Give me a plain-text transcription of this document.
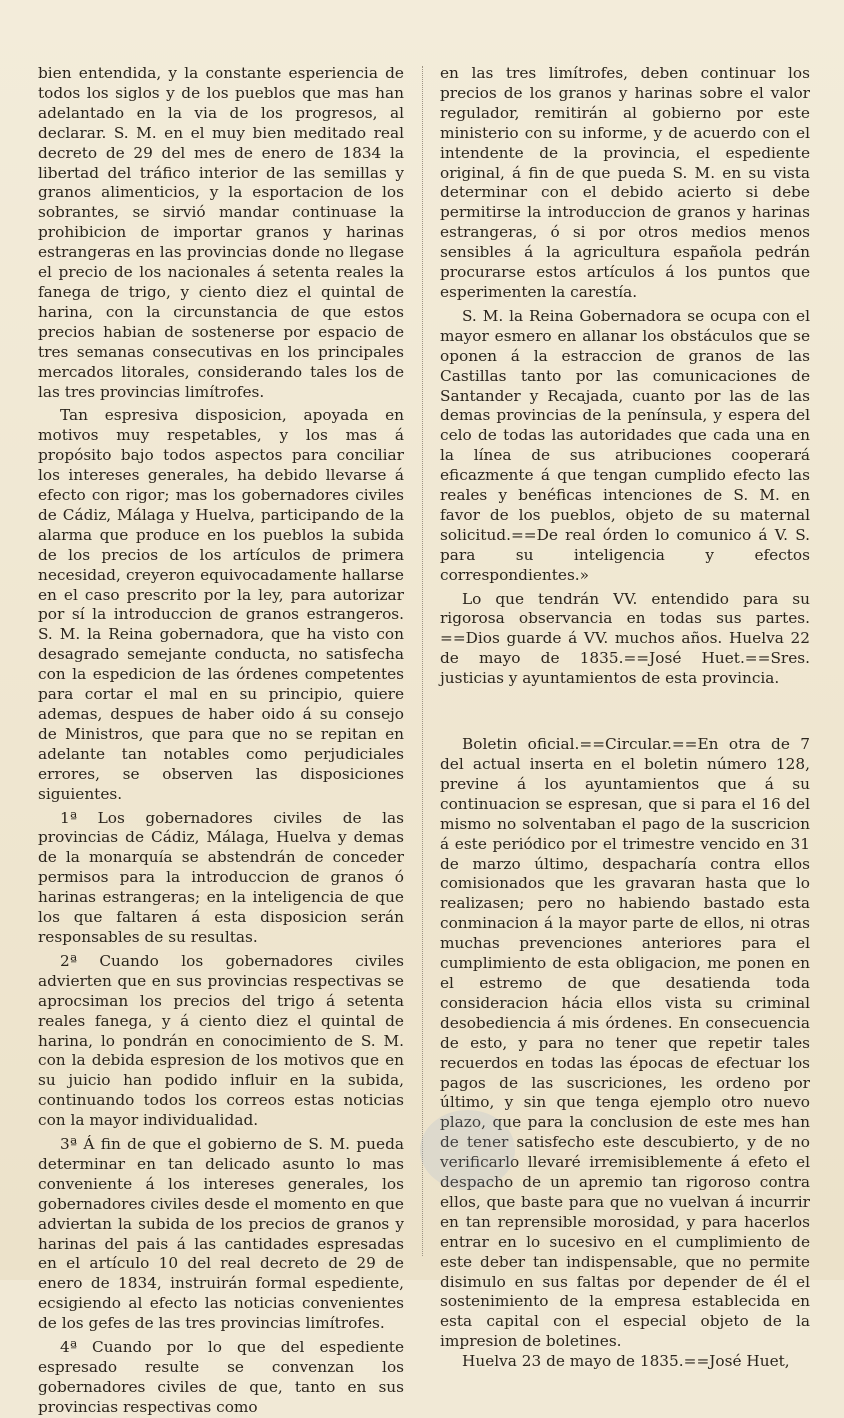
bien entendida, y la constante esperiencia de todos los siglos y de los pueblos que mas han adelantado en la via de los progresos, al declarar. S. M. en el muy bien meditado real decreto de 29 del mes de enero de 1834 la libertad del tráfico interior de las semillas y granos alimenticios, y la esportacion de los sobrantes, se sirvió mandar continuase la prohibicion de importar granos y harinas estrangeras en las provincias donde no llegase el precio de los nacionales á setenta reales la fanega de trigo, y ciento diez el quintal de harina, con la circunstancia de que estos precios habian de sostenerse por espacio de tres semanas consecutivas en los principales mercados litorales, considerando tales los de las tres provincias limítrofes.

Tan espresiva disposicion, apoyada en motivos muy respetables, y los mas á propósito bajo todos aspectos para conciliar los intereses generales, ha debido llevarse á efecto con rigor; mas los gobernadores civiles de Cádiz, Málaga y Huelva, participando de la alarma que produce en los pueblos la subida de los precios de los artículos de primera necesidad, creyeron equivocadamente hallarse en el caso prescrito por la ley, para autorizar por sí la introduccion de granos estrangeros. S. M. la Reina gobernadora, que ha visto con desagrado semejante conducta, no satisfecha con la espedicion de las órdenes competentes para cortar el mal en su principio, quiere ademas, despues de haber oido á su consejo de Ministros, que para que no se repitan en adelante tan notables como perjudiciales errores, se observen las disposiciones siguientes.

1ª Los gobernadores civiles de las provincias de Cádiz, Málaga, Huelva y demas de la monarquía se abstendrán de conceder permisos para la introduccion de granos ó harinas estrangeras; en la inteligencia de que los que faltaren á esta disposicion serán responsables de su resultas.

2ª Cuando los gobernadores civiles advierten que en sus provincias respectivas se aprocsiman los precios del trigo á setenta reales fanega, y á ciento diez el quintal de harina, lo pondrán en conocimiento de S. M. con la debida espresion de los motivos que en su juicio han podido influir en la subida, continuando todos los correos estas noticias con la mayor individualidad.

3ª Á fin de que el gobierno de S. M. pueda determinar en tan delicado asunto lo mas conveniente á los intereses generales, los gobernadores civiles desde el momento en que adviertan la subida de los precios de granos y harinas del pais á las cantidades espresadas en el artículo 10 del real decreto de 29 de enero de 1834, instruirán formal espediente, ecsigiendo al efecto las noticias convenientes de los gefes de las tres provincias limítrofes.

4ª Cuando por lo que del espediente espresado resulte se convenzan los gobernadores civiles de que, tanto en sus provincias respectivas como

en las tres limítrofes, deben continuar los precios de los granos y harinas sobre el valor regulador, remitirán al gobierno por este ministerio con su informe, y de acuerdo con el intendente de la provincia, el espediente original, á fin de que pueda S. M. en su vista determinar con el debido acierto si debe permitirse la introduccion de granos y harinas estrangeras, ó si por otros medios menos sensibles á la agricultura española pedrán procurarse estos artículos á los puntos que esperimenten la carestía.

S. M. la Reina Gobernadora se ocupa con el mayor esmero en allanar los obstáculos que se oponen á la estraccion de granos de las Castillas tanto por las comunicaciones de Santander y Recajada, cuanto por las de las demas provincias de la península, y espera del celo de todas las autoridades que cada una en la línea de sus atribuciones cooperará eficazmente á que tengan cumplido efecto las reales y benéficas intenciones de S. M. en favor de los pueblos, objeto de su maternal solicitud.==De real órden lo comunico á V. S. para su inteligencia y efectos correspondientes.»

Lo que tendrán VV. entendido para su rigorosa observancia en todas sus partes. ==Dios guarde á VV. muchos años. Huelva 22 de mayo de 1835.==José Huet.==Sres. justicias y ayuntamientos de esta provincia.

Boletin oficial.==Circular.==En otra de 7 del actual inserta en el boletin número 128, previne á los ayuntamientos que á su continuacion se espresan, que si para el 16 del mismo no solventaban el pago de la suscricion á este periódico por el trimestre vencido en 31 de marzo último, despacharía contra ellos comisionados que les gravaran hasta que lo realizasen; pero no habiendo bastado esta conminacion á la mayor parte de ellos, ni otras muchas prevenciones anteriores para el cumplimiento de esta obligacion, me ponen en el estremo de que desatienda toda consideracion hácia ellos vista su criminal desobediencia á mis órdenes. En consecuencia de esto, y para no tener que repetir tales recuerdos en todas las épocas de efectuar los pagos de las suscriciones, les ordeno por último, y sin que tenga ejemplo otro nuevo plazo, que para la conclusion de este mes han de tener satisfecho este descubierto, y de no verificarlo llevaré irremisiblemente á efeto el despacho de un apremio tan rigoroso contra ellos, que baste para que no vuelvan á incurrir en tan reprensible morosidad, y para hacerlos entrar en lo sucesivo en el cumplimiento de este deber tan indispensable, que no permite disimulo en sus faltas por depender de él el sostenimiento de la empresa establecida en esta capital con el especial objeto de la impresion de boletines.

Huelva 23 de mayo de 1835.==José Huet,
